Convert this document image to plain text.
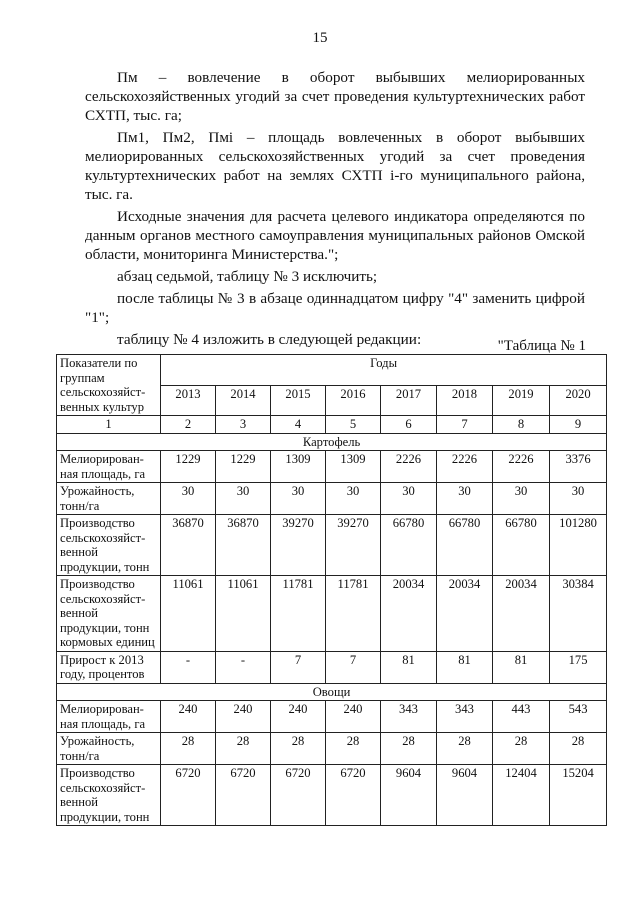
15

Пм – вовлечение в оборот выбывших мелиорированных сельскохозяйственных угодий за счет проведения культуртехнических работ СХТП, тыс. га;

Пм1, Пм2, Пмi – площадь вовлеченных в оборот выбывших мелиорированных сельскохозяйственных угодий за счет проведения культуртехнических работ на землях СХТП i-го муниципального района, тыс. га.

Исходные значения для расчета целевого индикатора определяются по данным органов местного самоуправления муниципальных районов Омской области, мониторинга Министерства.";

абзац седьмой, таблицу № 3 исключить;

после таблицы № 3 в абзаце одиннадцатом цифру "4" заменить цифрой "1";

таблицу № 4 изложить в следующей редакции:	"Таблица № 1
Показатели по группам сельскохозяйст-венных культур	Годы							
	2013	2014	2015	2016	2017	2018	2019	2020
1	2	3	4	5	6	7	8	9
Картофель								
Мелиорирован-ная площадь, га	1229	1229	1309	1309	2226	2226	2226	3376
Урожайность, тонн/га	30	30	30	30	30	30	30	30
Производство сельскохозяйст-венной продукции, тонн	36870	36870	39270	39270	66780	66780	66780	101280
Производство сельскохозяйст-венной продукции, тонн кормовых единиц	11061	11061	11781	11781	20034	20034	20034	30384
Прирост к 2013 году, процентов	-	-	7	7	81	81	81	175
Овощи								
Мелиорирован-ная площадь, га	240	240	240	240	343	343	443	543
Урожайность, тонн/га	28	28	28	28	28	28	28	28
Производство сельскохозяйст-венной продукции, тонн	6720	6720	6720	6720	9604	9604	12404	15204
